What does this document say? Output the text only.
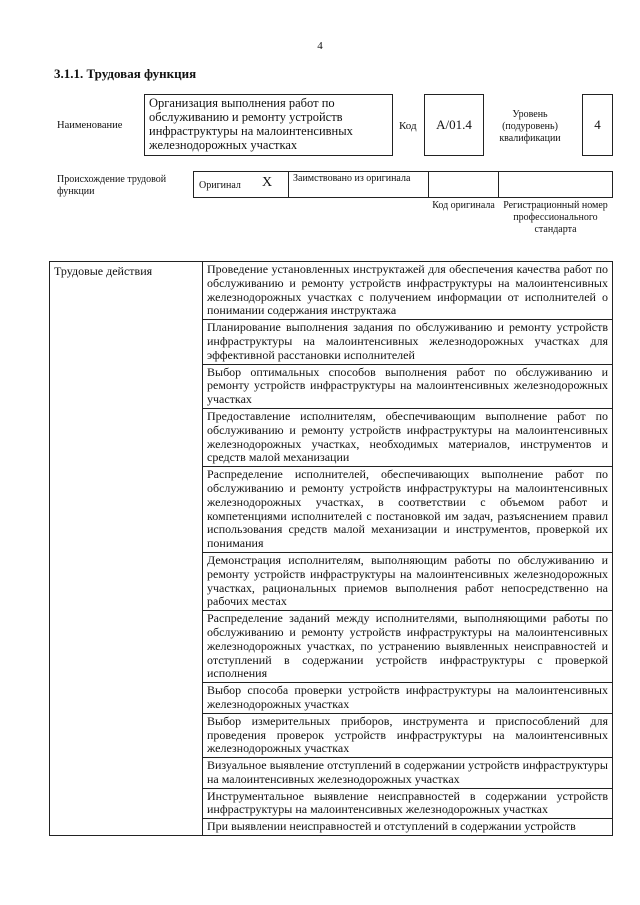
4
3.1.1. Трудовая функция
Наименование
Организация выполнения работ по обслуживанию и ремонту устройств инфраструктуры на малоинтенсивных железнодорожных участках
Код А/01.4
Уровень (подуровень) квалификации
4
Происхождение трудовой функции
Оригинал X Заимствовано из оригинала
Код оригинала Регистрационный номер профессионального стандарта
Трудовые действия	Проведение установленных инструктажей для обеспечения качества работ по обслуживанию и ремонту устройств инфраструктуры на малоинтенсивных железнодорожных участках с получением информации от исполнителей о понимании содержания инструктажа
Планирование выполнения задания по обслуживанию и ремонту устройств инфраструктуры на малоинтенсивных железнодорожных участках для эффективной расстановки исполнителей
Выбор оптимальных способов выполнения работ по обслуживанию и ремонту устройств инфраструктуры на малоинтенсивных железнодорожных участках
Предоставление исполнителям, обеспечивающим выполнение работ по обслуживанию и ремонту устройств инфраструктуры на малоинтенсивных железнодорожных участках, необходимых материалов, инструментов и средств малой механизации
Распределение исполнителей, обеспечивающих выполнение работ по обслуживанию и ремонту устройств инфраструктуры на малоинтенсивных железнодорожных участках, в соответствии с объемом работ и компетенциями исполнителей с постановкой им задач, разъяснением правил использования средств малой механизации и инструментов, проверкой их понимания
Демонстрация исполнителям, выполняющим работы по обслуживанию и ремонту устройств инфраструктуры на малоинтенсивных железнодорожных участках, рациональных приемов выполнения работ непосредственно на рабочих местах
Распределение заданий между исполнителями, выполняющими работы по обслуживанию и ремонту устройств инфраструктуры на малоинтенсивных железнодорожных участках, по устранению выявленных неисправностей и отступлений в содержании устройств инфраструктуры с проверкой исполнения
Выбор способа проверки устройств инфраструктуры на малоинтенсивных железнодорожных участках
Выбор измерительных приборов, инструмента и приспособлений для проведения проверок устройств инфраструктуры на малоинтенсивных железнодорожных участках
Визуальное выявление отступлений в содержании устройств инфраструктуры на малоинтенсивных железнодорожных участках
Инструментальное выявление неисправностей в содержании устройств инфраструктуры на малоинтенсивных железнодорожных участках
При выявлении неисправностей и отступлений в содержании устройств
